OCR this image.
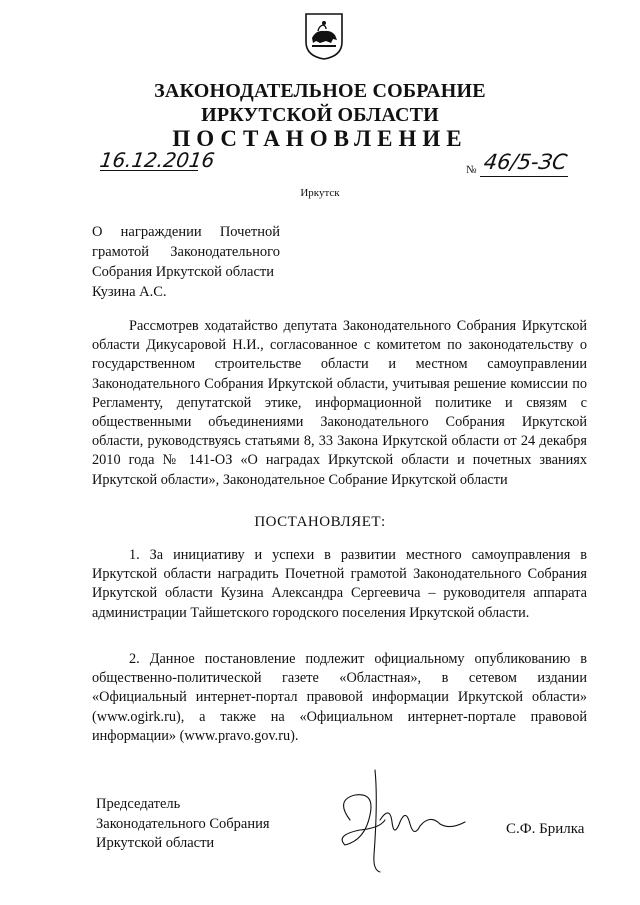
ЗАКОНОДАТЕЛЬНОЕ СОБРАНИЕ
ИРКУТСКОЙ ОБЛАСТИ
ПОСТАНОВЛЕНИЕ
16.12.2016	№ 46/5-ЗС
Иркутск
О награждении Почетной
грамотой Законодательного
Собрания Иркутской области
Кузина А.С.
Рассмотрев ходатайство депутата Законодательного Собрания Иркутской области Дикусаровой Н.И., согласованное с комитетом по законодательству о государственном строительстве области и местном самоуправлении Законодательного Собрания Иркутской области, учитывая решение комиссии по Регламенту, депутатской этике, информационной политике и связям с общественными объединениями Законодательного Собрания Иркутской области, руководствуясь статьями 8, 33 Закона Иркутской области от 24 декабря 2010 года № 141-ОЗ «О наградах Иркутской области и почетных званиях Иркутской области», Законодательное Собрание Иркутской области
ПОСТАНОВЛЯЕТ:
1. За инициативу и успехи в развитии местного самоуправления в Иркутской области наградить Почетной грамотой Законодательного Собрания Иркутской области Кузина Александра Сергеевича – руководителя аппарата администрации Тайшетского городского поселения Иркутской области.
2. Данное постановление подлежит официальному опубликованию в общественно-политической газете «Областная», в сетевом издании «Официальный интернет-портал правовой информации Иркутской области» (www.ogirk.ru), а также на «Официальном интернет-портале правовой информации» (www.pravo.gov.ru).
Председатель
Законодательного Собрания
Иркутской области
С.Ф. Брилка
